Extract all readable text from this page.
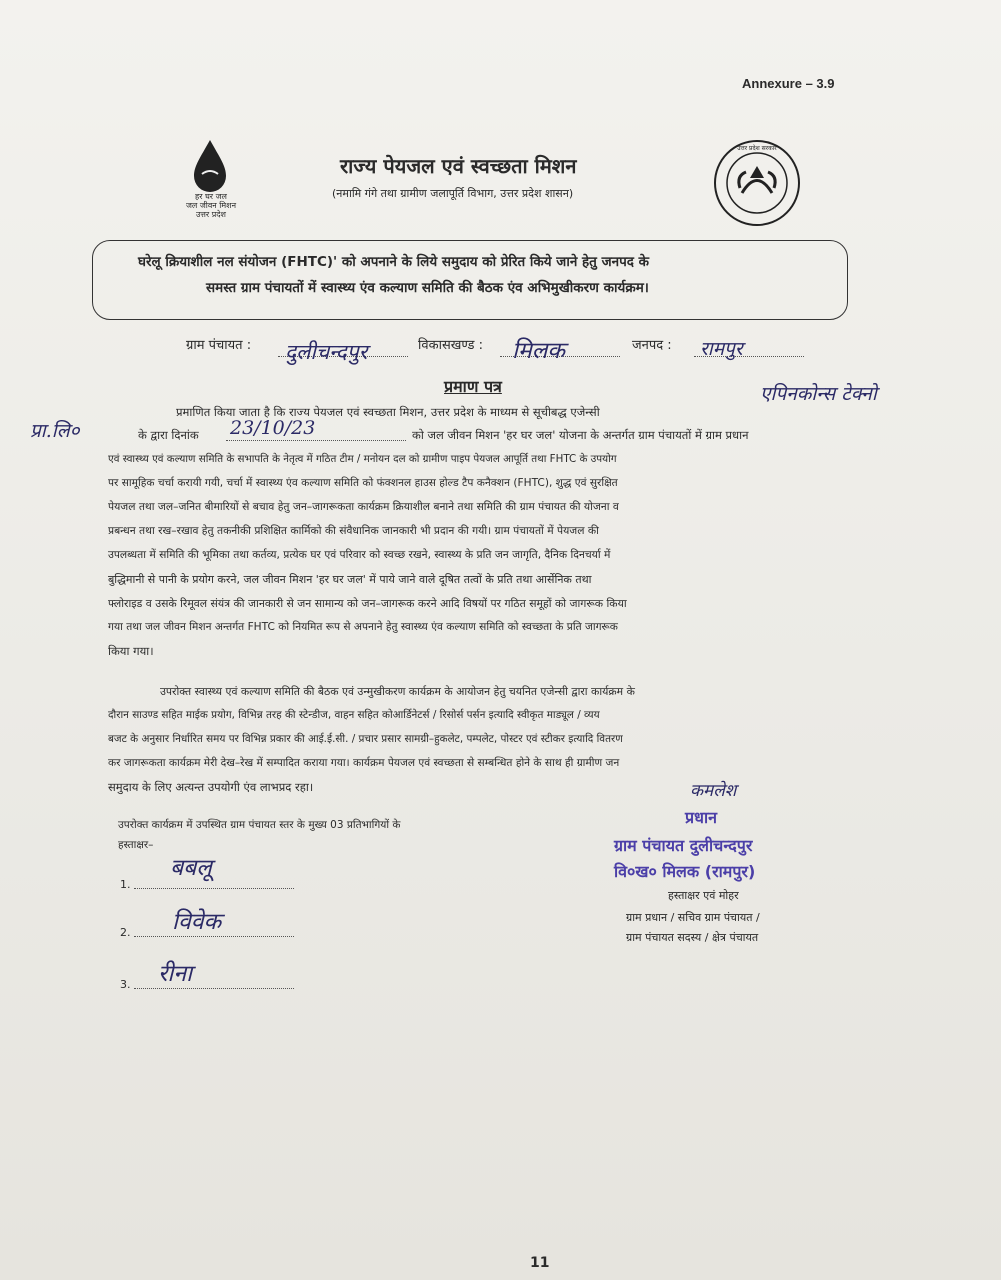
Annexure – 3.9
हर घर जल
जल जीवन मिशन
उत्तर प्रदेश
राज्य पेयजल एवं स्वच्छता मिशन
(नमामि गंगे तथा ग्रामीण जलापूर्ति विभाग, उत्तर प्रदेश शासन)
उत्तर प्रदेश सरकार
घरेलू क्रियाशील नल संयोजन (FHTC)' को अपनाने के लिये समुदाय को प्रेरित किये जाने हेतु जनपद के
समस्त ग्राम पंचायतों में स्वास्थ्य एंव कल्याण समिति की बैठक एंव अभिमुखीकरण कार्यक्रम।
ग्राम पंचायत : दुलीचन्दपुर	विकासखण्ड : मिलक	जनपद : रामपुर
प्रमाण पत्र	एपिनकोन्स टेक्नो
प्रमाणित किया जाता है कि राज्य पेयजल एवं स्वच्छता मिशन, उत्तर प्रदेश के माध्यम से सूचीबद्ध एजेन्सी
प्रा.लि०	के द्वारा दिनांक 23/10/23	को जल जीवन मिशन 'हर घर जल' योजना के अन्तर्गत ग्राम पंचायतों में ग्राम प्रधान
एवं स्वास्थ्य एवं कल्याण समिति के सभापति के नेतृत्व में गठित टीम / मनोयन दल को ग्रामीण पाइप पेयजल आपूर्ति तथा FHTC के उपयोग
पर सामूहिक चर्चा करायी गयी, चर्चा में स्वास्थ्य एंव कल्याण समिति को फंक्शनल हाउस होल्ड टैप कनैक्शन (FHTC), शुद्ध एवं सुरक्षित
पेयजल तथा जल–जनित बीमारियों से बचाव हेतु जन–जागरूकता कार्यक्रम क्रियाशील बनाने तथा समिति की ग्राम पंचायत की योजना व
प्रबन्धन तथा रख–रखाव हेतु तकनीकी प्रशिक्षित कार्मिको की संवैधानिक जानकारी भी प्रदान की गयी। ग्राम पंचायतों में पेयजल की
उपलब्धता में समिति की भूमिका तथा कर्तव्य, प्रत्येक घर एवं परिवार को स्वच्छ रखने, स्वास्थ्य के प्रति जन जागृति, दैनिक दिनचर्या में
बुद्धिमानी से पानी के प्रयोग करने, जल जीवन मिशन 'हर घर जल' में पाये जाने वाले दूषित तत्वों के प्रति तथा आर्सेनिक तथा
फ्लोराइड व उसके रिमूवल संयंत्र की जानकारी से जन सामान्य को जन–जागरूक करने आदि विषयों पर गठित समूहों को जागरूक किया
गया तथा जल जीवन मिशन अन्तर्गत FHTC को नियमित रूप से अपनाने हेतु स्वास्थ्य एंव कल्याण समिति को स्वच्छता के प्रति जागरूक
किया गया।
उपरोक्त स्वास्थ्य एवं कल्याण समिति की बैठक एवं उन्मुखीकरण कार्यक्रम के आयोजन हेतु चयनित एजेन्सी द्वारा कार्यक्रम के
दौरान साउण्ड सहित माईक प्रयोग, विभिन्न तरह की स्टेन्डीज, वाहन सहित कोआर्डिनेटर्स / रिसोर्स पर्सन इत्यादि स्वीकृत माड्यूल / व्यय
बजट के अनुसार निर्धारित समय पर विभिन्न प्रकार की आई.ई.सी. / प्रचार प्रसार सामग्री–हुकलेट, पम्पलेट, पोस्टर एवं स्टीकर इत्यादि वितरण
कर जागरूकता कार्यक्रम मेरी देख–रेख में सम्पादित कराया गया। कार्यक्रम पेयजल एवं स्वच्छता से सम्बन्धित होने के साथ ही ग्रामीण जन
समुदाय के लिए अत्यन्त उपयोगी एंव लाभप्रद रहा।
उपरोक्त कार्यक्रम में उपस्थित ग्राम पंचायत स्तर के मुख्य 03 प्रतिभागियों के
हस्ताक्षर–
1.
बबलू
2. विवेक
3. रीना
कमलेश
प्रधान
ग्राम पंचायत दुलीचन्दपुर
वि०ख० मिलक (रामपुर)
हस्ताक्षर एवं मोहर
ग्राम प्रधान / सचिव ग्राम पंचायत /
ग्राम पंचायत सदस्य / क्षेत्र पंचायत
11
